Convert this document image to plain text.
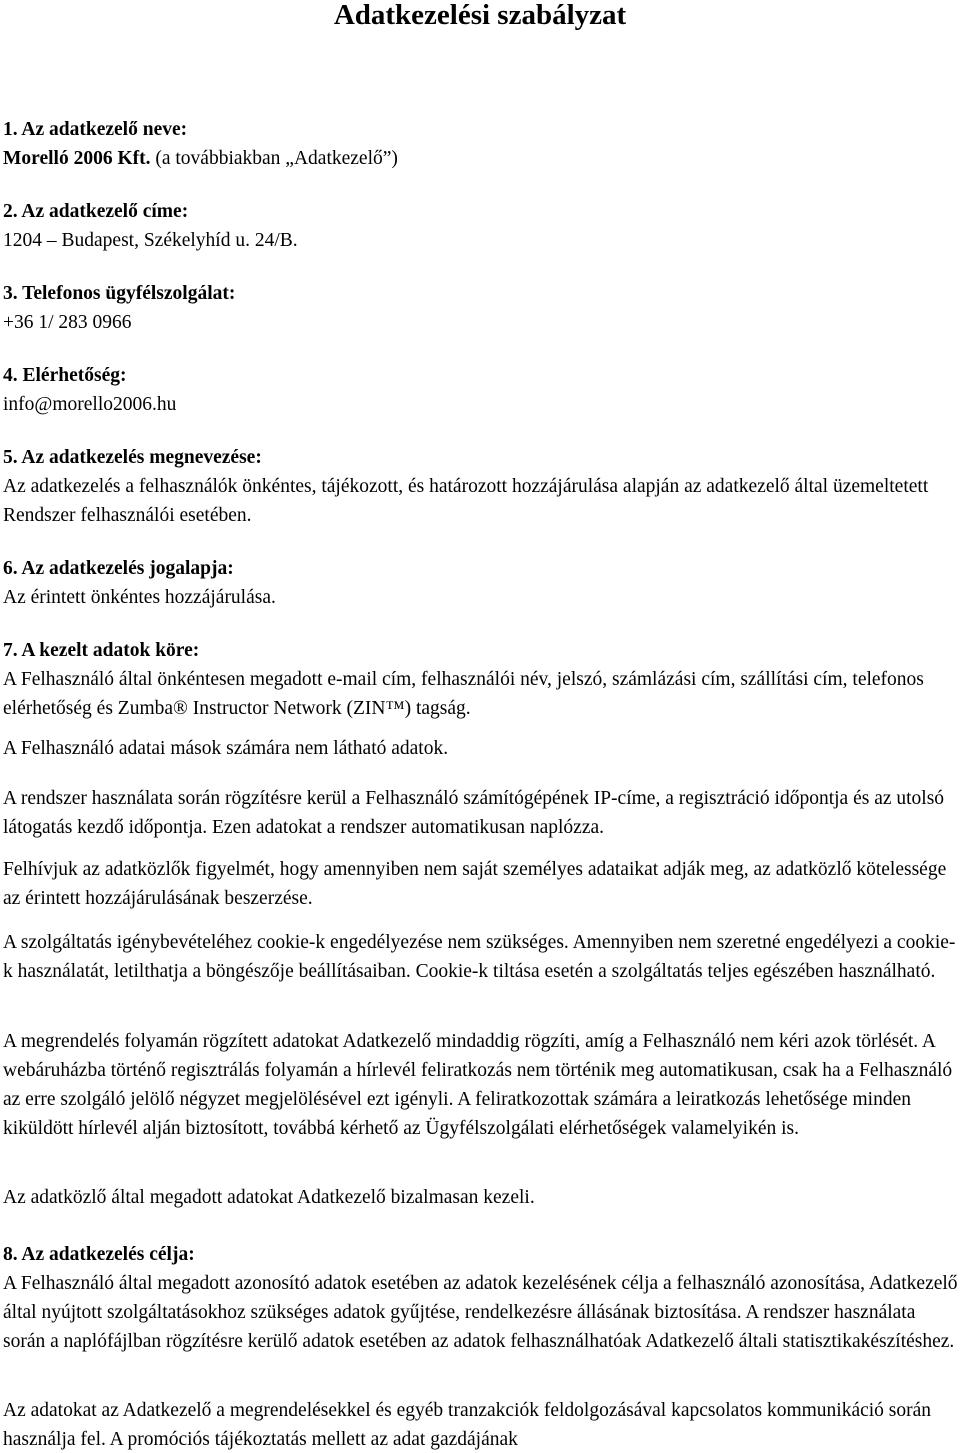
Adatkezelési szabályzat

1. Az adatkezelő neve:

Morelló 2006 Kft. (a továbbiakban „Adatkezelő”)

2. Az adatkezelő címe:

1204 – Budapest, Székelyhíd u. 24/B.

3. Telefonos ügyfélszolgálat:

+36 1/ 283 0966

4. Elérhetőség:

info@morello2006.hu

5. Az adatkezelés megnevezése:

Az adatkezelés a felhasználók önkéntes, tájékozott, és határozott hozzájárulása alapján az adatkezelő által üzemeltetett Rendszer felhasználói esetében.

6. Az adatkezelés jogalapja:

Az érintett önkéntes hozzájárulása.

7. A kezelt adatok köre:

A Felhasználó által önkéntesen megadott e-mail cím, felhasználói név, jelszó, számlázási cím, szállítási cím, telefonos elérhetőség és Zumba® Instructor Network (ZIN™) tagság.

A Felhasználó adatai mások számára nem látható adatok.

A rendszer használata során rögzítésre kerül a Felhasználó számítógépének IP-címe, a regisztráció időpontja és az utolsó látogatás kezdő időpontja. Ezen adatokat a rendszer automatikusan naplózza.

Felhívjuk az adatközlők figyelmét, hogy amennyiben nem saját személyes adataikat adják meg, az adatközlő kötelessége az érintett hozzájárulásának beszerzése.

A szolgáltatás igénybevételéhez cookie-k engedélyezése nem szükséges. Amennyiben nem szeretné engedélyezi a cookie-k használatát, letilthatja a böngészője beállításaiban. Cookie-k tiltása esetén a szolgáltatás teljes egészében használható.

A megrendelés folyamán rögzített adatokat Adatkezelő mindaddig rögzíti, amíg a Felhasználó nem kéri azok törlését. A webáruházba történő regisztrálás folyamán a hírlevél feliratkozás nem történik meg automatikusan, csak ha a Felhasználó az erre szolgáló jelölő négyzet megjelölésével ezt igényli. A feliratkozottak számára a leiratkozás lehetősége minden kiküldött hírlevél alján biztosított, továbbá kérhető az Ügyfélszolgálati elérhetőségek valamelyikén is.

Az adatközlő által megadott adatokat Adatkezelő bizalmasan kezeli.

8. Az adatkezelés célja:

A Felhasználó által megadott azonosító adatok esetében az adatok kezelésének célja a felhasználó azonosítása, Adatkezelő által nyújtott szolgáltatásokhoz szükséges adatok gyűjtése, rendelkezésre állásának biztosítása. A rendszer használata során a naplófájlban rögzítésre kerülő adatok esetében az adatok felhasználhatóak Adatkezelő általi statisztikakészítéshez.

Az adatokat az Adatkezelő a megrendelésekkel és egyéb tranzakciók feldolgozásával kapcsolatos kommunikáció során használja fel. A promóciós tájékoztatás mellett az adat gazdájának
